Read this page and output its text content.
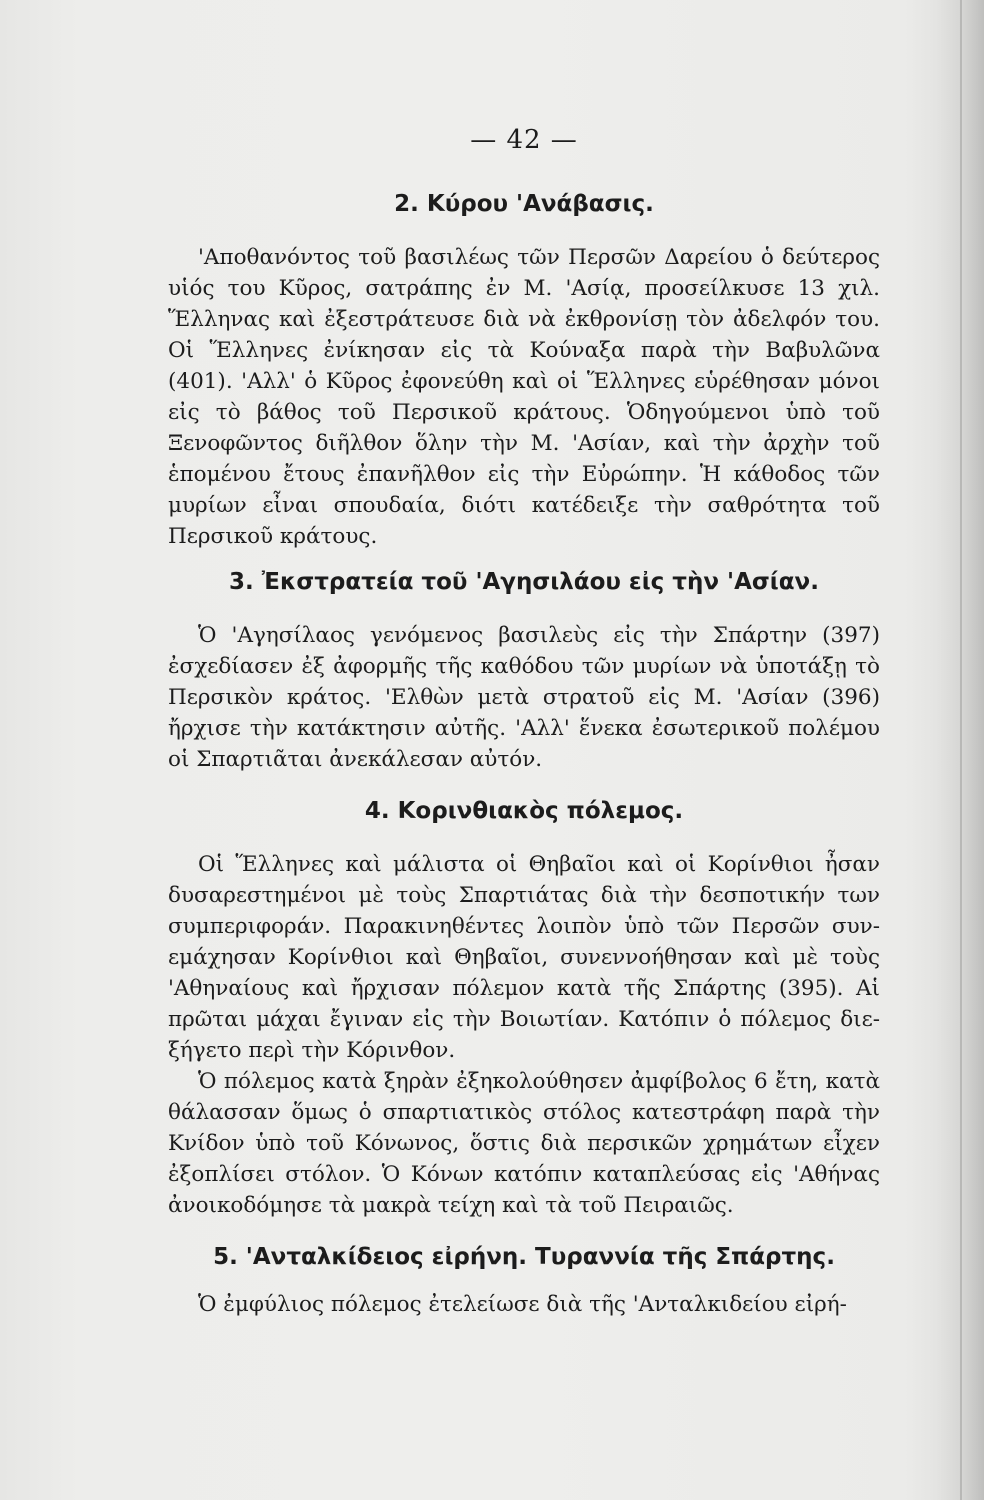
— 42 —
2. Κύρου 'Ανάβασις.

'Αποθανόντος τοῦ βασιλέως τῶν Περσῶν Δαρείου ὁ δεύτερος υἱός του Κῦρος, σατράπης ἐν Μ. 'Ασίᾳ, προσείλκυσε 13 χιλ. Ἕλληνας καὶ ἐξεστράτευσε διὰ νὰ ἐκθρονίσῃ τὸν ἀδελφόν του. Οἱ Ἕλληνες ἐνίκησαν εἰς τὰ Κούναξα παρὰ τὴν Βαβυλῶνα (401). 'Αλλ' ὁ Κῦρος ἐφονεύθη καὶ οἱ Ἕλληνες εὑρέθησαν μόνοι εἰς τὸ βάθος τοῦ Περσικοῦ κράτους. Ὁδηγούμενοι ὑπὸ τοῦ Ξενοφῶντος διῆλθον ὅλην τὴν Μ. 'Ασίαν, καὶ τὴν ἀρχὴν τοῦ ἑπομένου ἔτους ἐπανῆλθον εἰς τὴν Εὐρώπην. Ἡ κάθοδος τῶν μυρίων εἶναι σπουδαία, διότι κατέδειξε τὴν σαθρότητα τοῦ Περσικοῦ κράτους.

3. Ἐκστρατεία τοῦ 'Αγησιλάου εἰς τὴν 'Ασίαν.

Ὁ 'Αγησίλαος γενόμενος βασιλεὺς εἰς τὴν Σπάρτην (397) ἐσχεδίασεν ἐξ ἀφορμῆς τῆς καθόδου τῶν μυρίων νὰ ὑποτάξῃ τὸ Περσικὸν κράτος. 'Ελθὼν μετὰ στρατοῦ εἰς Μ. 'Ασίαν (396) ἤρχισε τὴν κατάκτησιν αὐτῆς. 'Αλλ' ἕνεκα ἐσωτερικοῦ πολέμου οἱ Σπαρτιᾶται ἀνεκάλεσαν αὐτόν.

4. Κορινθιακὸς πόλεμος.

Οἱ Ἕλληνες καὶ μάλιστα οἱ Θηβαῖοι καὶ οἱ Κορίνθιοι ἦσαν δυσαρεστημένοι μὲ τοὺς Σπαρτιάτας διὰ τὴν δεσποτικήν των συμπεριφοράν. Παρακινηθέντες λοιπὸν ὑπὸ τῶν Περσῶν συνεμάχησαν Κορίνθιοι καὶ Θηβαῖοι, συνεννοήθησαν καὶ μὲ τοὺς 'Αθηναίους καὶ ἤρχισαν πόλεμον κατὰ τῆς Σπάρτης (395). Αἱ πρῶται μάχαι ἔγιναν εἰς τὴν Βοιωτίαν. Κατόπιν ὁ πόλεμος διεξήγετο περὶ τὴν Κόρινθον.

Ὁ πόλεμος κατὰ ξηρὰν ἐξηκολούθησεν ἀμφίβολος 6 ἔτη, κατὰ θάλασσαν ὅμως ὁ σπαρτιατικὸς στόλος κατεστράφη παρὰ τὴν Κνίδον ὑπὸ τοῦ Κόνωνος, ὅστις διὰ περσικῶν χρημάτων εἶχεν ἐξοπλίσει στόλον. Ὁ Κόνων κατόπιν καταπλεύσας εἰς 'Αθήνας ἀνοικοδόμησε τὰ μακρὰ τείχη καὶ τὰ τοῦ Πειραιῶς.

5. 'Ανταλκίδειος εἰρήνη. Τυραννία τῆς Σπάρτης.

Ὁ ἐμφύλιος πόλεμος ἐτελείωσε διὰ τῆς 'Ανταλκιδείου εἰρή-
